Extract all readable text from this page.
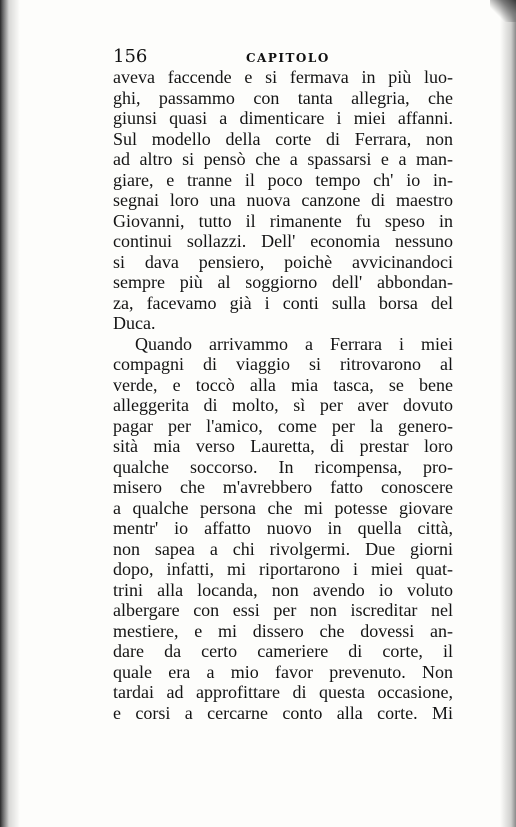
156	CAPITOLO
aveva faccende e si fermava in più luo-
ghi, passammo con tanta allegria, che
giunsi quasi a dimenticare i miei affanni.
Sul modello della corte di Ferrara, non
ad altro si pensò che a spassarsi e a man-
giare, e tranne il poco tempo ch' io in-
segnai loro una nuova canzone di maestro
Giovanni, tutto il rimanente fu speso in
continui sollazzi. Dell' economia nessuno
si dava pensiero, poichè avvicinandoci
sempre più al soggiorno dell' abbondan-
za, facevamo già i conti sulla borsa del
Duca.
Quando arrivammo a Ferrara i miei
compagni di viaggio si ritrovarono al
verde, e toccò alla mia tasca, se bene
alleggerita di molto, sì per aver dovuto
pagar per l'amico, come per la genero-
sità mia verso Lauretta, di prestar loro
qualche soccorso. In ricompensa, pro-
misero che m'avrebbero fatto conoscere
a qualche persona che mi potesse giovare
mentr' io affatto nuovo in quella città,
non sapea a chi rivolgermi. Due giorni
dopo, infatti, mi riportarono i miei quat-
trini alla locanda, non avendo io voluto
albergare con essi per non iscreditar nel
mestiere, e mi dissero che dovessi an-
dare da certo cameriere di corte, il
quale era a mio favor prevenuto. Non
tardai ad approfittare di questa occasione,
e corsi a cercarne conto alla corte. Mi
